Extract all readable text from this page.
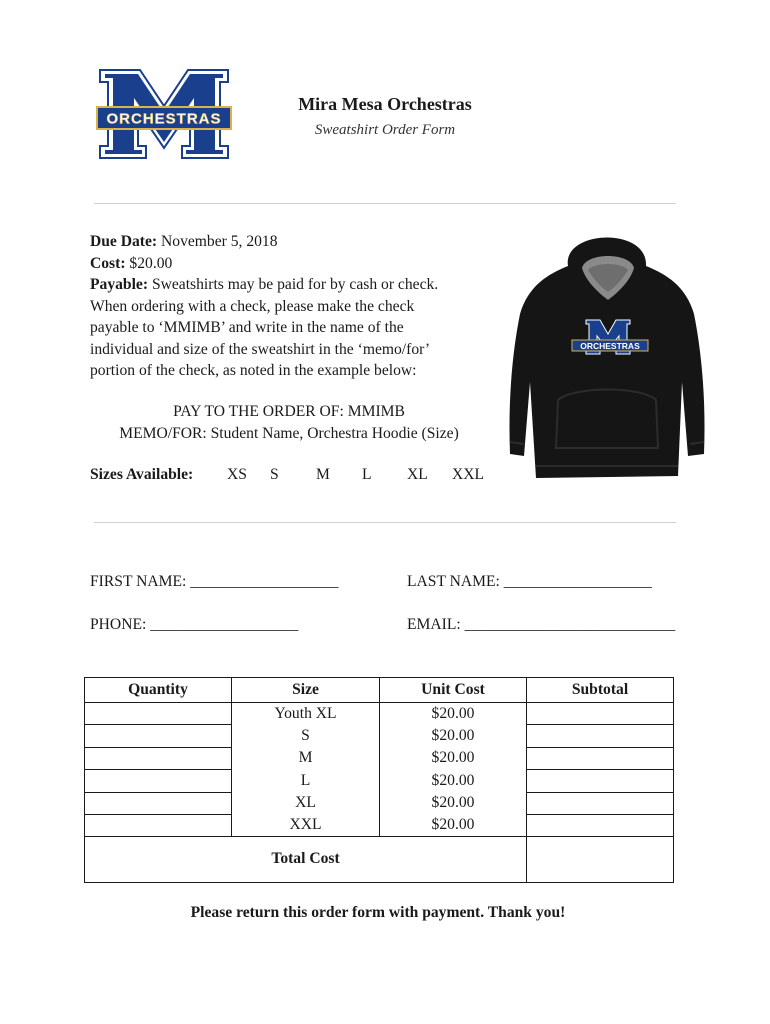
ORCHESTRAS
Mira Mesa Orchestras
Sweatshirt Order Form

Due Date: November 5, 2018

Cost: $20.00

Payable: Sweatshirts may be paid for by cash or check.

When ordering with a check, please make the check

payable to ‘MMIMB’ and write in the name of the

individual and size of the sweatshirt in the ‘memo/for’

portion of the check, as noted in the example below:

PAY TO THE ORDER OF: MMIMB
MEMO/FOR: Student Name, Orchestra Hoodie (Size)
Sizes Available: XS S M L XL XXL
ORCHESTRAS
FIRST NAME: ___________________	LAST NAME: ___________________
PHONE: ___________________	EMAIL: ___________________________
Quantity	Size	Unit Cost	Subtotal
	Youth XL	$20.00	
	S	$20.00	
	M	$20.00	
	L	$20.00	
	XL	$20.00	
	XXL	$20.00	
Total Cost			
Please return this order form with payment. Thank you!
